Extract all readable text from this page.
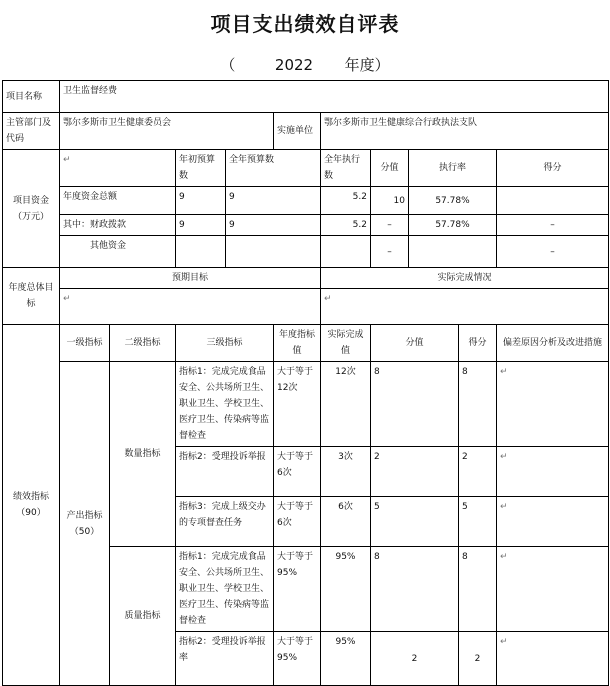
项目支出绩效自评表
（	2022 年度）
项目名称	卫生监督经费									
主管部门及代码	鄂尔多斯市卫生健康委员会				实施单位	鄂尔多斯市卫生健康综合行政执法支队				
项目资金（万元）	↵		年初预算数	全年预算数		全年执行数	分值	执行率		得分
	年度资金总额		9	9		5.2	10	57.78%		
	其中：财政拨款		9	9		5.2	–	57.78%		–
	其他资金						–			–
年度总体目标	预期目标					实际完成情况				
	↵					↵				
绩效指标（90）	一级指标	二级指标	三级指标		年度指标值	实际完成值	分值		得分	偏差原因分析及改进措施
	产出指标（50）	数量指标	指标1：完成完成食品安全、公共场所卫生、职业卫生、学校卫生、医疗卫生、传染病等监督检查		大于等于12次	12次	8		8	↵
			指标2：受理投诉举报		大于等于6次	3次	2		2	↵
			指标3：完成上级交办的专项督查任务		大于等于6次	6次	5		5	↵
		质量指标	指标1：完成完成食品安全、公共场所卫生、职业卫生、学校卫生、医疗卫生、传染病等监督检查		大于等于95%	95%	8		8	↵
			指标2：受理投诉举报率		大于等于95%	95%	2		2	↵
